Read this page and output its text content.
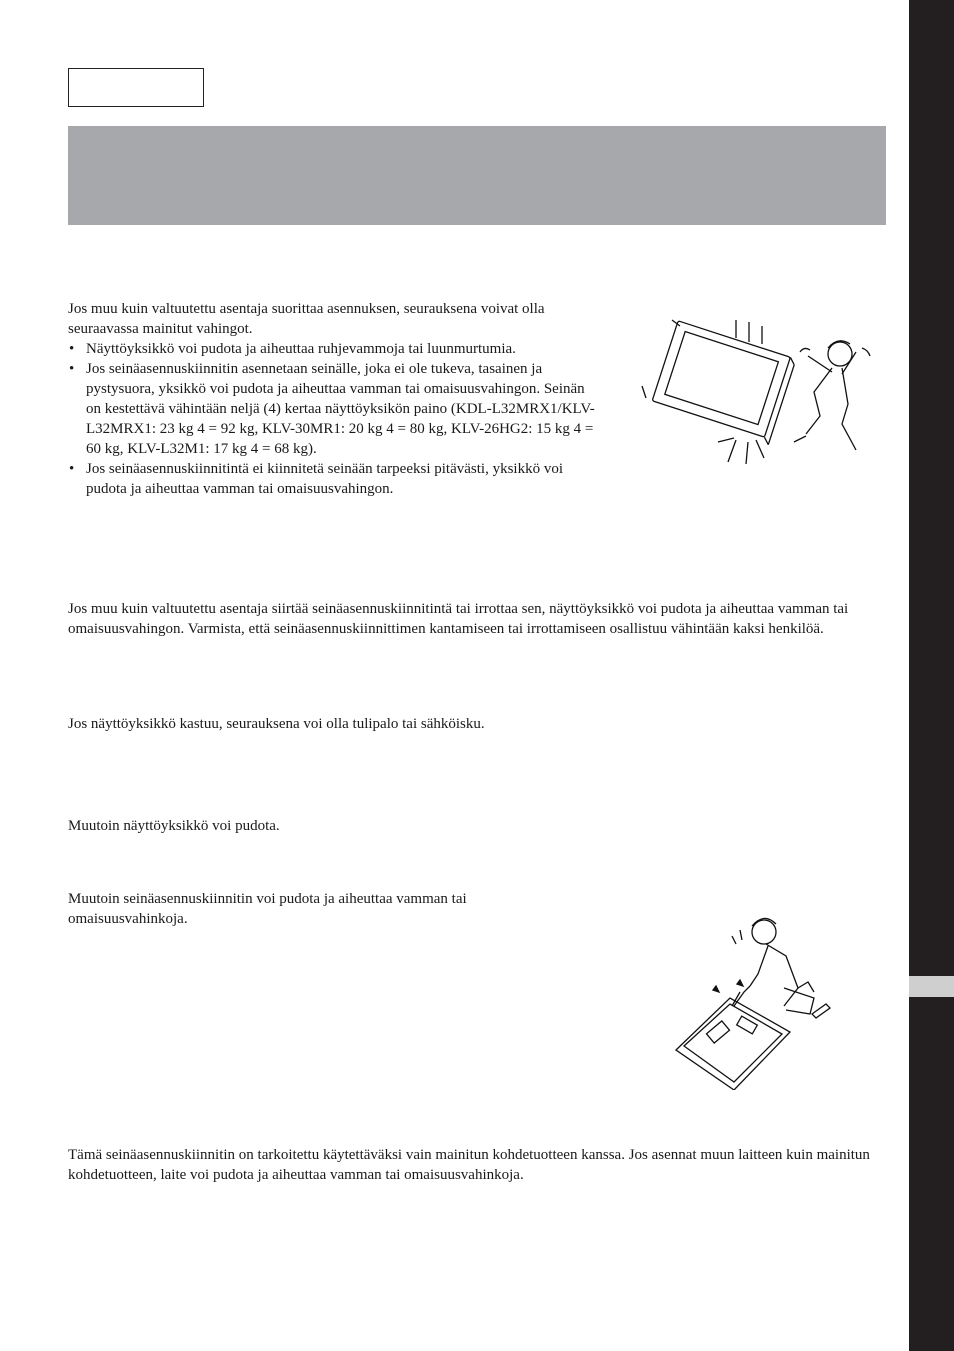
Jos muu kuin valtuutettu asentaja suorittaa asennuksen, seurauksena voivat olla seuraavassa mainitut vahingot.

• Näyttöyksikkö voi pudota ja aiheuttaa ruhjevammoja tai luunmurtumia.
• Jos seinäasennuskiinnitin asennetaan seinälle, joka ei ole tukeva, tasainen ja pystysuora, yksikkö voi pudota ja aiheuttaa vamman tai omaisuusvahingon. Seinän on kestettävä vähintään neljä (4) kertaa näyttöyksikön paino (KDL-L32MRX1/KLV-L32MRX1: 23 kg 4 = 92 kg, KLV-30MR1: 20 kg 4 = 80 kg, KLV-26HG2: 15 kg 4 = 60 kg, KLV-L32M1: 17 kg 4 = 68 kg).
• Jos seinäasennuskiinnitintä ei kiinnitetä seinään tarpeeksi pitävästi, yksikkö voi pudota ja aiheuttaa vamman tai omaisuusvahingon.

Jos muu kuin valtuutettu asentaja siirtää seinäasennuskiinnitintä tai irrottaa sen, näyttöyksikkö voi pudota ja aiheuttaa vamman tai omaisuusvahingon. Varmista, että seinäasennuskiinnittimen kantamiseen tai irrottamiseen osallistuu vähintään kaksi henkilöä.

Jos näyttöyksikkö kastuu, seurauksena voi olla tulipalo tai sähköisku.

Muutoin näyttöyksikkö voi pudota.

Muutoin seinäasennuskiinnitin voi pudota ja aiheuttaa vamman tai omaisuusvahinkoja.

Tämä seinäasennuskiinnitin on tarkoitettu käytettäväksi vain mainitun kohdetuotteen kanssa. Jos asennat muun laitteen kuin mainitun kohdetuotteen, laite voi pudota ja aiheuttaa vamman tai omaisuusvahinkoja.
